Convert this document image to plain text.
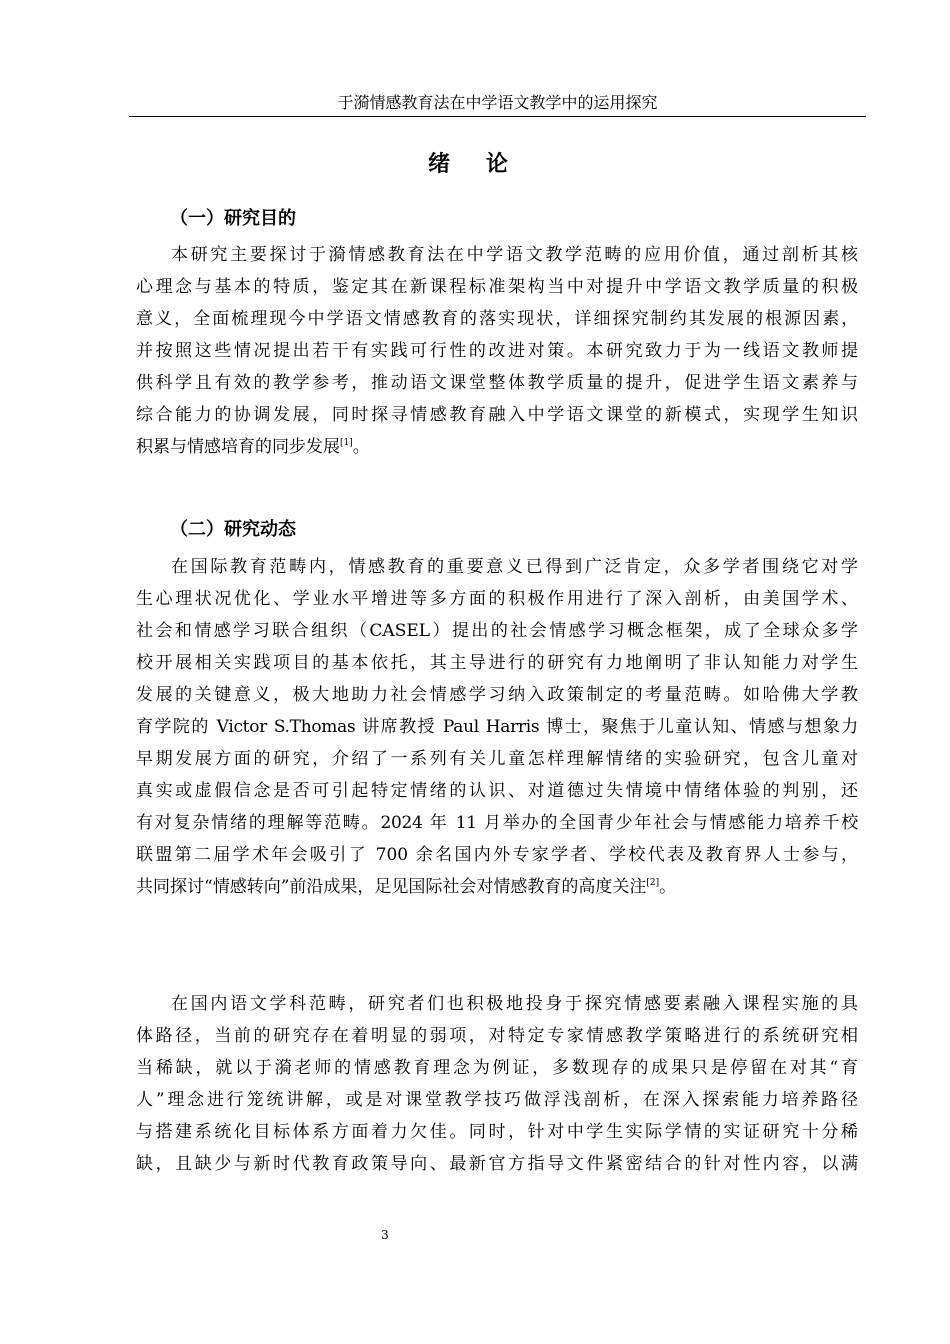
于漪情感教育法在中学语文教学中的运用探究
绪 论
（一）研究目的

本研究主要探讨于漪情感教育法在中学语文教学范畴的应用价值，通过剖析其核
心理念与基本的特质，鉴定其在新课程标准架构当中对提升中学语文教学质量的积极
意义，全面梳理现今中学语文情感教育的落实现状，详细探究制约其发展的根源因素，
并按照这些情况提出若干有实践可行性的改进对策。本研究致力于为一线语文教师提
供科学且有效的教学参考，推动语文课堂整体教学质量的提升，促进学生语文素养与
综合能力的协调发展，同时探寻情感教育融入中学语文课堂的新模式，实现学生知识
积累与情感培育的同步发展[1]。

（二）研究动态

在国际教育范畴内，情感教育的重要意义已得到广泛肯定，众多学者围绕它对学
生心理状况优化、学业水平增进等多方面的积极作用进行了深入剖析，由美国学术、
社会和情感学习联合组织（CASEL）提出的社会情感学习概念框架，成了全球众多学
校开展相关实践项目的基本依托，其主导进行的研究有力地阐明了非认知能力对学生
发展的关键意义，极大地助力社会情感学习纳入政策制定的考量范畴。如哈佛大学教
育学院的 Victor S.Thomas 讲席教授 Paul Harris 博士，聚焦于儿童认知、情感与想象力
早期发展方面的研究，介绍了一系列有关儿童怎样理解情绪的实验研究，包含儿童对
真实或虚假信念是否可引起特定情绪的认识、对道德过失情境中情绪体验的判别，还
有对复杂情绪的理解等范畴。2024 年 11 月举办的全国青少年社会与情感能力培养千校
联盟第二届学术年会吸引了 700 余名国内外专家学者、学校代表及教育界人士参与，
共同探讨“情感转向”前沿成果，足见国际社会对情感教育的高度关注[2]。

在国内语文学科范畴，研究者们也积极地投身于探究情感要素融入课程实施的具
体路径，当前的研究存在着明显的弱项，对特定专家情感教学策略进行的系统研究相
当稀缺，就以于漪老师的情感教育理念为例证，多数现存的成果只是停留在对其“育
人”理念进行笼统讲解，或是对课堂教学技巧做浮浅剖析，在深入探索能力培养路径
与搭建系统化目标体系方面着力欠佳。同时，针对中学生实际学情的实证研究十分稀
缺，且缺少与新时代教育政策导向、最新官方指导文件紧密结合的针对性内容，以满

3
